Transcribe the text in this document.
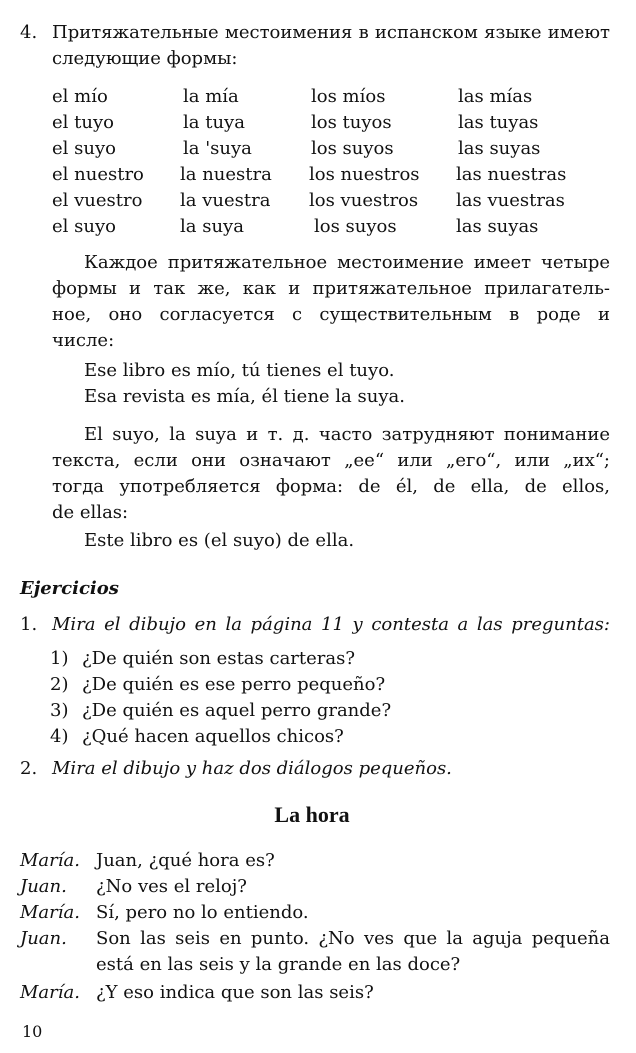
4. Притяжательные местоимения в испанском языке имеют
следующие формы:
el mío	la mía	los míos	las mías
el tuyo	la tuya	los tuyos	las tuyas
el suyo	la 'suya	los suyos	las suyas
el nuestro la nuestra los nuestros las nuestras
el vuestro la vuestra los vuestros las vuestras
el suyo	la suya	los suyos	las suyas
Каждое притяжательное местоимение имеет четыре
формы и так же, как и притяжательное прилагатель-
ное, оно согласуется с существительным в роде и
числе:
Ese libro es mío, tú tienes el tuyo.
Esa revista es mía, él tiene la suya.
El suyo, la suya и т. д. часто затрудняют понимание
текста, если они означают „ее“ или „его“, или „их“;
тогда употребляется форма: de él, de ella, de ellos,
de ellas:
Este libro es (el suyo) de ella.
Ejercicios
1. Mira el dibujo en la página 11 y contesta a las preguntas:
1) ¿De quién son estas carteras?
2) ¿De quién es ese perro pequeño?
3) ¿De quién es aquel perro grande?
4) ¿Qué hacen aquellos chicos?
2. Mira el dibujo y haz dos diálogos pequeños.
La hora
María. Juan, ¿qué hora es?
Juan. ¿No ves el reloj?
María. Sí, pero no lo entiendo.
Juan. Son las seis en punto. ¿No ves que la aguja pequeña
está en las seis y la grande en las doce?
María. ¿Y eso indica que son las seis?
10
